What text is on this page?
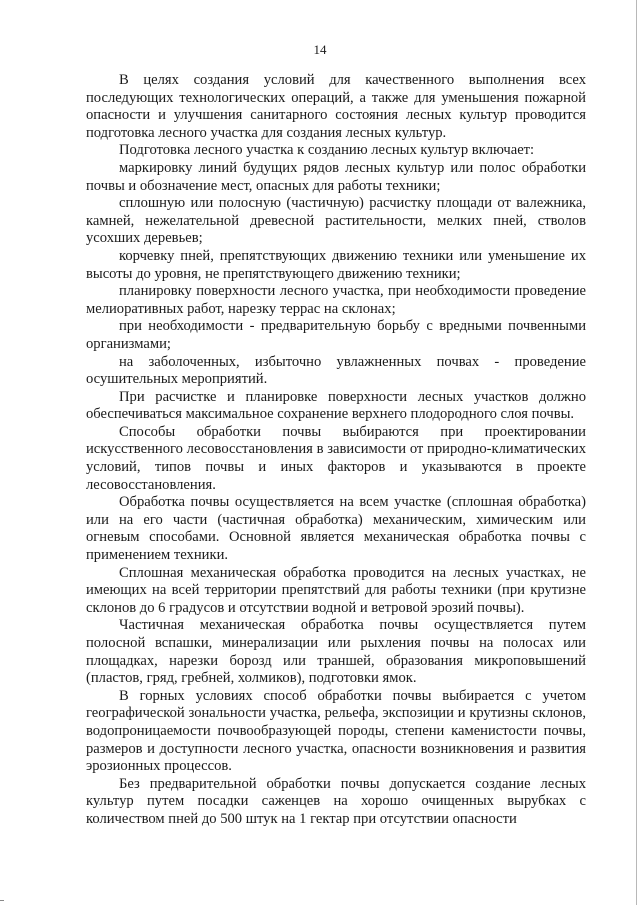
14

В целях создания условий для качественного выполнения всех последующих технологических операций, а также для уменьшения пожарной опасности и улучшения санитарного состояния лесных культур проводится подготовка лесного участка для создания лесных культур.

Подготовка лесного участка к созданию лесных культур включает:

маркировку линий будущих рядов лесных культур или полос обработки почвы и обозначение мест, опасных для работы техники;

сплошную или полосную (частичную) расчистку площади от валежника, камней, нежелательной древесной растительности, мелких пней, стволов усохших деревьев;

корчевку пней, препятствующих движению техники или уменьшение их высоты до уровня, не препятствующего движению техники;

планировку поверхности лесного участка, при необходимости проведение мелиоративных работ, нарезку террас на склонах;

при необходимости - предварительную борьбу с вредными почвенными организмами;

на заболоченных, избыточно увлажненных почвах - проведение осушительных мероприятий.

При расчистке и планировке поверхности лесных участков должно обеспечиваться максимальное сохранение верхнего плодородного слоя почвы.

Способы обработки почвы выбираются при проектировании искусственного лесовосстановления в зависимости от природно-климатических условий, типов почвы и иных факторов и указываются в проекте лесовосстановления.

Обработка почвы осуществляется на всем участке (сплошная обработка) или на его части (частичная обработка) механическим, химическим или огневым способами. Основной является механическая обработка почвы с применением техники.

Сплошная механическая обработка проводится на лесных участках, не имеющих на всей территории препятствий для работы техники (при крутизне склонов до 6 градусов и отсутствии водной и ветровой эрозий почвы).

Частичная механическая обработка почвы осуществляется путем полосной вспашки, минерализации или рыхления почвы на полосах или площадках, нарезки борозд или траншей, образования микроповышений (пластов, гряд, гребней, холмиков), подготовки ямок.

В горных условиях способ обработки почвы выбирается с учетом географической зональности участка, рельефа, экспозиции и крутизны склонов, водопроницаемости почвообразующей породы, степени каменистости почвы, размеров и доступности лесного участка, опасности возникновения и развития эрозионных процессов.

Без предварительной обработки почвы допускается создание лесных культур путем посадки саженцев на хорошо очищенных вырубках с количеством пней до 500 штук на 1 гектар при отсутствии опасности
